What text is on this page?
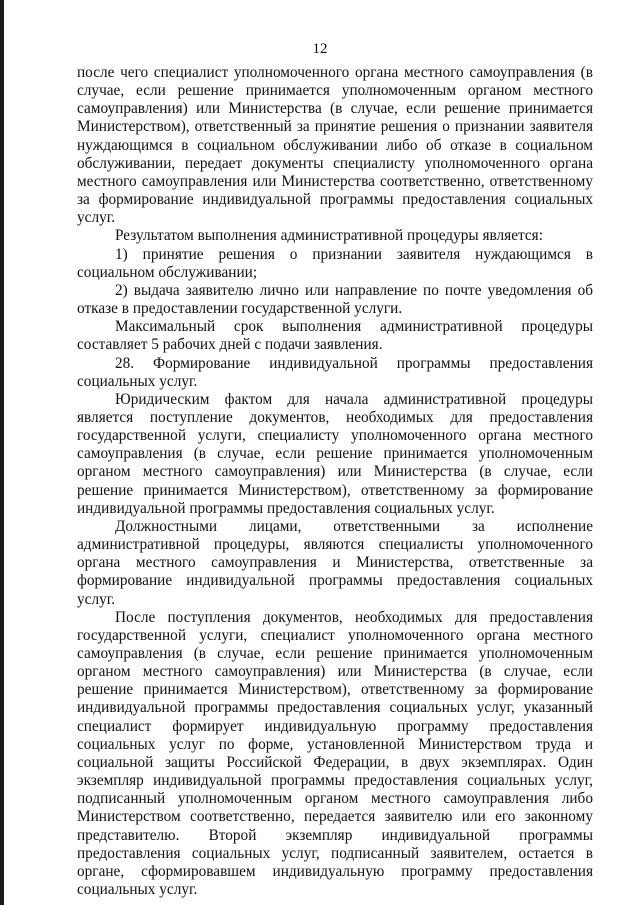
12

после чего специалист уполномоченного органа местного самоуправления (в случае, если решение принимается уполномоченным органом местного самоуправления) или Министерства (в случае, если решение принимается Министерством), ответственный за принятие решения о признании заявителя нуждающимся в социальном обслуживании либо об отказе в социальном обслуживании, передает документы специалисту уполномоченного органа местного самоуправления или Министерства соответственно, ответственному за формирование индивидуальной программы предоставления социальных услуг.

Результатом выполнения административной процедуры является:

1) принятие решения о признании заявителя нуждающимся в социальном обслуживании;

2) выдача заявителю лично или направление по почте уведомления об отказе в предоставлении государственной услуги.

Максимальный срок выполнения административной процедуры составляет 5 рабочих дней с подачи заявления.

28. Формирование индивидуальной программы предоставления социальных услуг.

Юридическим фактом для начала административной процедуры является поступление документов, необходимых для предоставления государственной услуги, специалисту уполномоченного органа местного самоуправления (в случае, если решение принимается уполномоченным органом местного самоуправления) или Министерства (в случае, если решение принимается Министерством), ответственному за формирование индивидуальной программы предоставления социальных услуг.

Должностными лицами, ответственными за исполнение административной процедуры, являются специалисты уполномоченного органа местного самоуправления и Министерства, ответственные за формирование индивидуальной программы предоставления социальных услуг.

После поступления документов, необходимых для предоставления государственной услуги, специалист уполномоченного органа местного самоуправления (в случае, если решение принимается уполномоченным органом местного самоуправления) или Министерства (в случае, если решение принимается Министерством), ответственному за формирование индивидуальной программы предоставления социальных услуг, указанный специалист формирует индивидуальную программу предоставления социальных услуг по форме, установленной Министерством труда и социальной защиты Российской Федерации, в двух экземплярах. Один экземпляр индивидуальной программы предоставления социальных услуг, подписанный уполномоченным органом местного самоуправления либо Министерством соответственно, передается заявителю или его законному представителю. Второй экземпляр индивидуальной программы предоставления социальных услуг, подписанный заявителем, остается в органе, сформировавшем индивидуальную программу предоставления социальных услуг.
